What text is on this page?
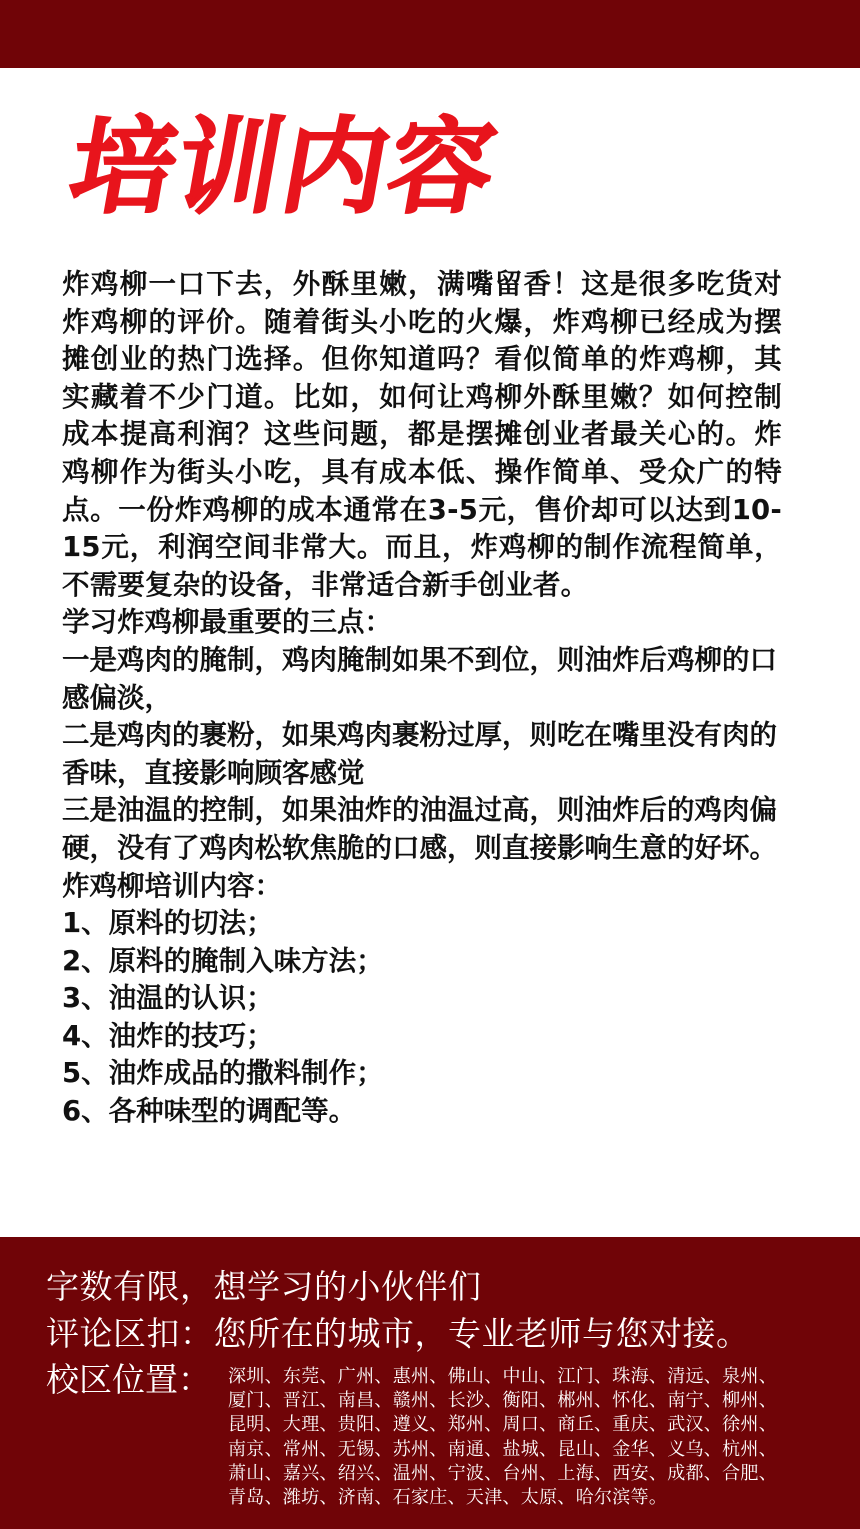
培训内容

炸鸡柳一口下去，外酥里嫩，满嘴留香！这是很多吃货对炸鸡柳的评价。随着街头小吃的火爆，炸鸡柳已经成为摆摊创业的热门选择。但你知道吗？看似简单的炸鸡柳，其实藏着不少门道。比如，如何让鸡柳外酥里嫩？如何控制成本提高利润？这些问题，都是摆摊创业者最关心的。炸鸡柳作为街头小吃，具有成本低、操作简单、受众广的特点。一份炸鸡柳的成本通常在3-5元，售价却可以达到10-15元，利润空间非常大。而且，炸鸡柳的制作流程简单，不需要复杂的设备，非常适合新手创业者。

学习炸鸡柳最重要的三点：

一是鸡肉的腌制，鸡肉腌制如果不到位，则油炸后鸡柳的口感偏淡，
二是鸡肉的裹粉，如果鸡肉裹粉过厚，则吃在嘴里没有肉的香味，直接影响顾客感觉
三是油温的控制，如果油炸的油温过高，则油炸后的鸡肉偏硬，没有了鸡肉松软焦脆的口感，则直接影响生意的好坏。

炸鸡柳培训内容：

1、原料的切法；
2、原料的腌制入味方法；
3、油温的认识；
4、油炸的技巧；
5、油炸成品的撒料制作；
6、各种味型的调配等。
字数有限，想学习的小伙伴们
评论区扣：您所在的城市，专业老师与您对接。
校区位置： 深圳、东莞、广州、惠州、佛山、中山、江门、珠海、清远、泉州、
厦门、晋江、南昌、赣州、长沙、衡阳、郴州、怀化、南宁、柳州、
昆明、大理、贵阳、遵义、郑州、周口、商丘、重庆、武汉、徐州、
南京、常州、无锡、苏州、南通、盐城、昆山、金华、义乌、杭州、
萧山、嘉兴、绍兴、温州、宁波、台州、上海、西安、成都、合肥、
青岛、潍坊、济南、石家庄、天津、太原、哈尔滨等。
